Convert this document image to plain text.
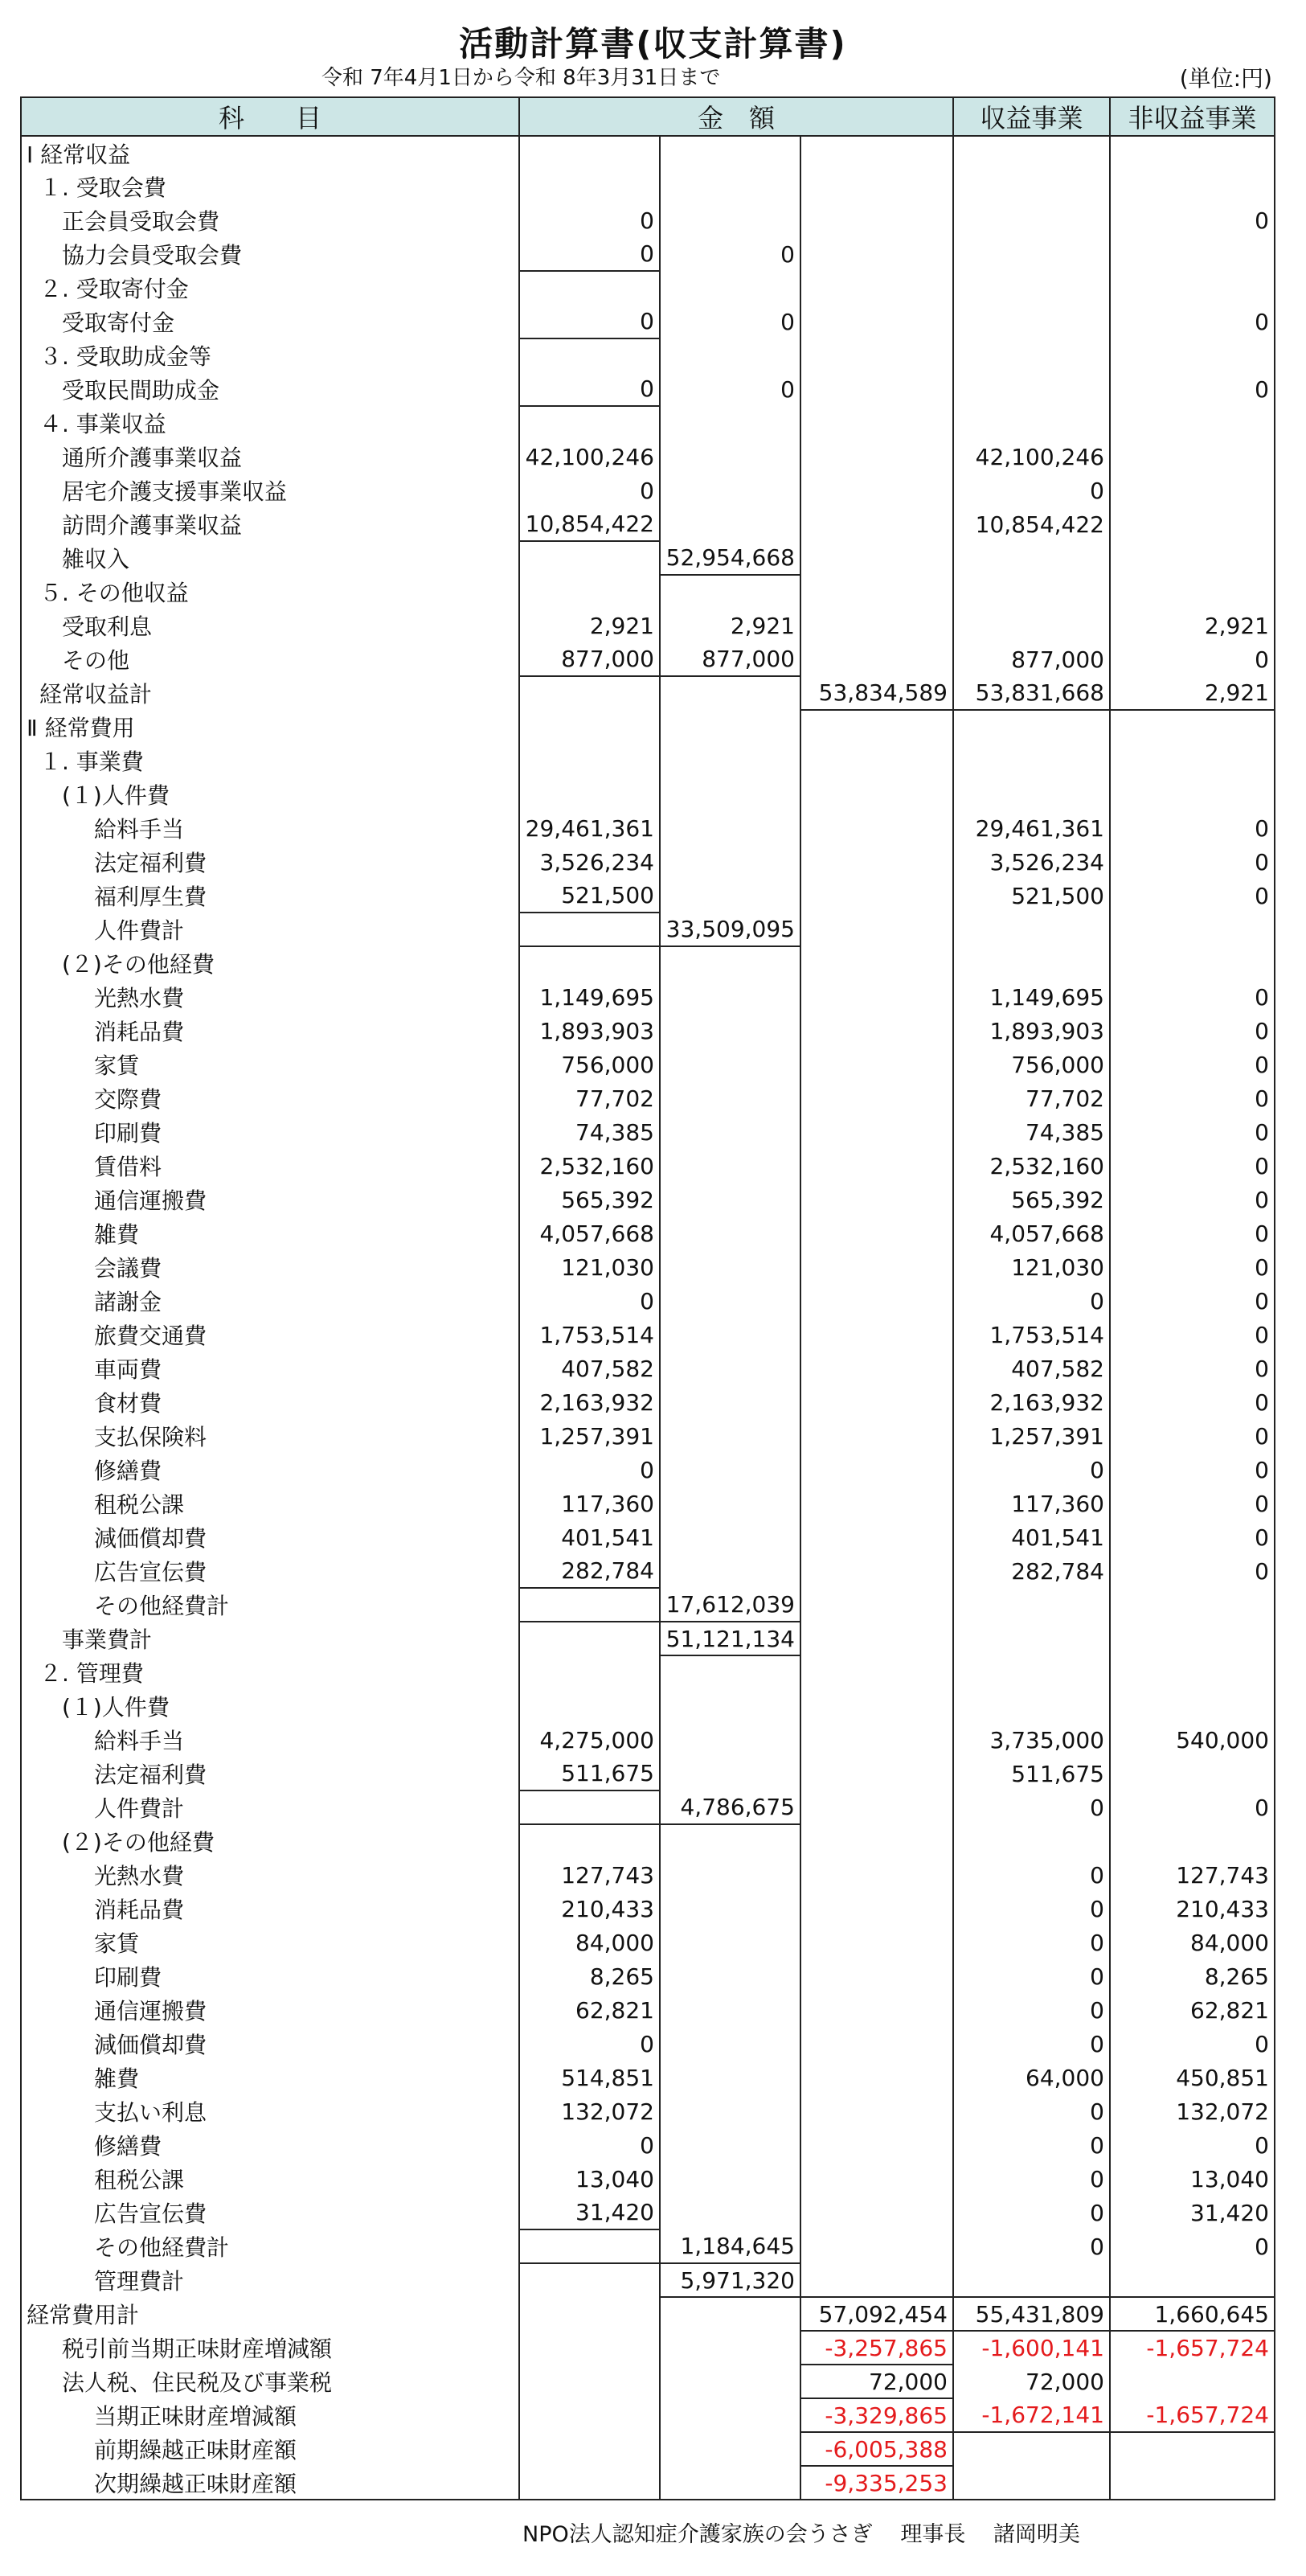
活動計算書(収支計算書)
令和 7年4月1日から令和 8年3月31日まで	(単位:円)
科　　目	金　額			収益事業	非収益事業
Ⅰ 経常収益					
１. 受取会費					
正会員受取会費	0				0
協力会員受取会費	0	0			
２. 受取寄付金					
受取寄付金	0	0			0
３. 受取助成金等					
受取民間助成金	0	0			0
４. 事業収益					
通所介護事業収益	42,100,246			42,100,246	
居宅介護支援事業収益	0			0	
訪問介護事業収益	10,854,422			10,854,422	
雑収入		52,954,668			
５. その他収益					
受取利息	2,921	2,921			2,921
その他	877,000	877,000		877,000	0
経常収益計			53,834,589	53,831,668	2,921
Ⅱ 経常費用					
１. 事業費					
(１)人件費					
給料手当	29,461,361			29,461,361	0
法定福利費	3,526,234			3,526,234	0
福利厚生費	521,500			521,500	0
人件費計		33,509,095			
(２)その他経費					
光熱水費	1,149,695			1,149,695	0
消耗品費	1,893,903			1,893,903	0
家賃	756,000			756,000	0
交際費	77,702			77,702	0
印刷費	74,385			74,385	0
賃借料	2,532,160			2,532,160	0
通信運搬費	565,392			565,392	0
雑費	4,057,668			4,057,668	0
会議費	121,030			121,030	0
諸謝金	0			0	0
旅費交通費	1,753,514			1,753,514	0
車両費	407,582			407,582	0
食材費	2,163,932			2,163,932	0
支払保険料	1,257,391			1,257,391	0
修繕費	0			0	0
租税公課	117,360			117,360	0
減価償却費	401,541			401,541	0
広告宣伝費	282,784			282,784	0
その他経費計		17,612,039			
事業費計		51,121,134			
２. 管理費					
(１)人件費					
給料手当	4,275,000			3,735,000	540,000
法定福利費	511,675			511,675	
人件費計		4,786,675		0	0
(２)その他経費					
光熱水費	127,743			0	127,743
消耗品費	210,433			0	210,433
家賃	84,000			0	84,000
印刷費	8,265			0	8,265
通信運搬費	62,821			0	62,821
減価償却費	0			0	0
雑費	514,851			64,000	450,851
支払い利息	132,072			0	132,072
修繕費	0			0	0
租税公課	13,040			0	13,040
広告宣伝費	31,420			0	31,420
その他経費計		1,184,645		0	0
管理費計		5,971,320			
経常費用計			57,092,454	55,431,809	1,660,645
税引前当期正味財産増減額			-3,257,865	-1,600,141	-1,657,724
法人税、住民税及び事業税			72,000	72,000	
当期正味財産増減額			-3,329,865	-1,672,141	-1,657,724
前期繰越正味財産額			-6,005,388		
次期繰越正味財産額			-9,335,253		
NPO法人認知症介護家族の会うさぎ 理事長 諸岡明美
